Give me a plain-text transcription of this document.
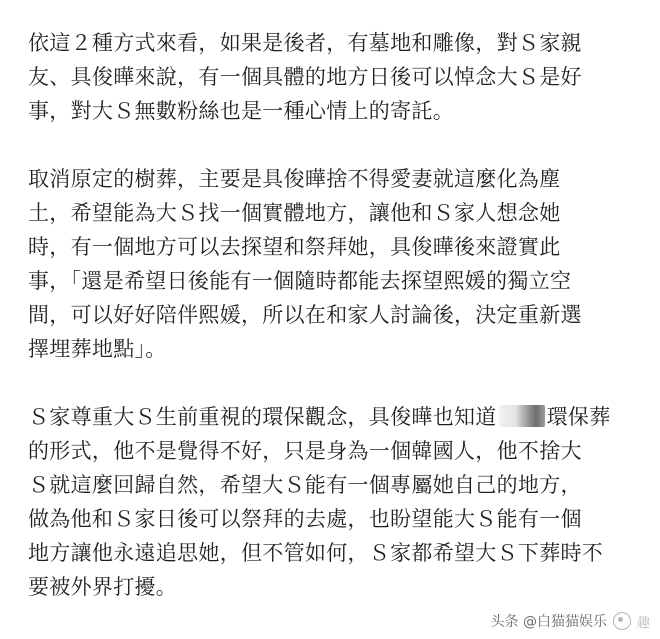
依這２種方式來看，如果是後者，有墓地和雕像，對Ｓ家親
友、具俊曄來說，有一個具體的地方日後可以悼念大Ｓ是好
事，對大Ｓ無數粉絲也是一種心情上的寄託。
取消原定的樹葬，主要是具俊曄捨不得愛妻就這麼化為塵
土，希望能為大Ｓ找一個實體地方，讓他和Ｓ家人想念她
時，有一個地方可以去探望和祭拜她，具俊曄後來證實此
事，「還是希望日後能有一個隨時都能去探望熙媛的獨立空
間，可以好好陪伴熙媛，所以在和家人討論後，決定重新選
擇埋葬地點」。
Ｓ家尊重大Ｓ生前重視的環保觀念，具俊曄也知道 環保葬
的形式，他不是覺得不好，只是身為一個韓國人，他不捨大
Ｓ就這麼回歸自然，希望大Ｓ能有一個專屬她自己的地方，
做為他和Ｓ家日後可以祭拜的去處，也盼望能大Ｓ能有一個
地方讓他永遠追思她，但不管如何，Ｓ家都希望大Ｓ下葬時不
要被外界打擾。
头条 @白猫猫娱乐 趣
